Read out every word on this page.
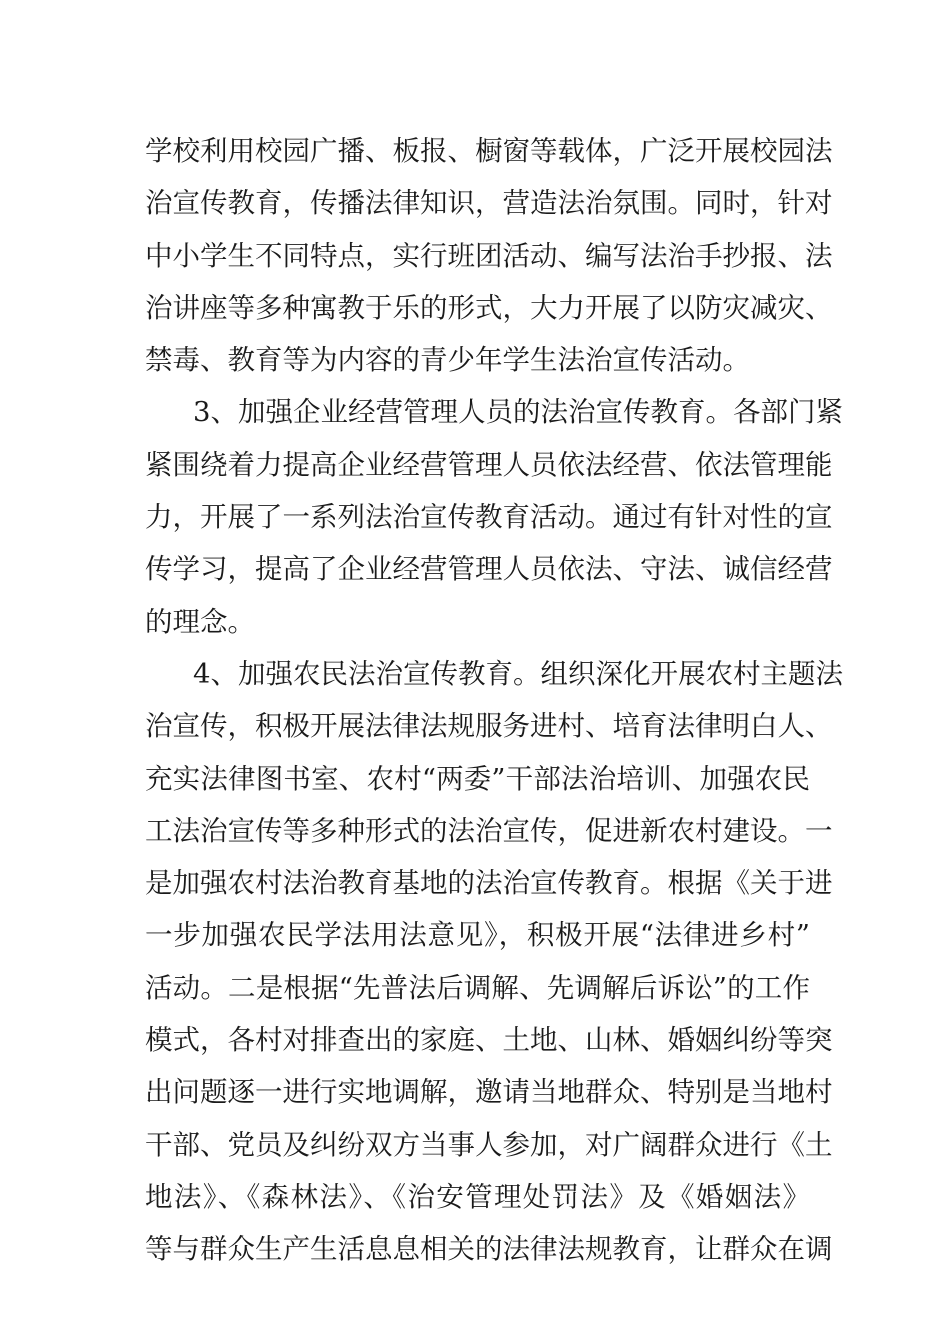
学校利用校园广播、板报、橱窗等载体，广泛开展校园法
治宣传教育，传播法律知识，营造法治氛围。同时，针对
中小学生不同特点，实行班团活动、编写法治手抄报、法
治讲座等多种寓教于乐的形式，大力开展了以防灾减灾、
禁毒、教育等为内容的青少年学生法治宣传活动。
3、加强企业经营管理人员的法治宣传教育。各部门紧
紧围绕着力提高企业经营管理人员依法经营、依法管理能
力，开展了一系列法治宣传教育活动。通过有针对性的宣
传学习，提高了企业经营管理人员依法、守法、诚信经营
的理念。
4、加强农民法治宣传教育。组织深化开展农村主题法
治宣传，积极开展法律法规服务进村、培育法律明白人、
充实法律图书室、农村“两委”干部法治培训、加强农民
工法治宣传等多种形式的法治宣传，促进新农村建设。一
是加强农村法治教育基地的法治宣传教育。根据《关于进
一步加强农民学法用法意见》，积极开展“法律进乡村”
活动。二是根据“先普法后调解、先调解后诉讼”的工作
模式，各村对排查出的家庭、土地、山林、婚姻纠纷等突
出问题逐一进行实地调解，邀请当地群众、特别是当地村
干部、党员及纠纷双方当事人参加，对广阔群众进行《土
地法》、《森林法》、《治安管理处罚法》及《婚姻法》
等与群众生产生活息息相关的法律法规教育，让群众在调
